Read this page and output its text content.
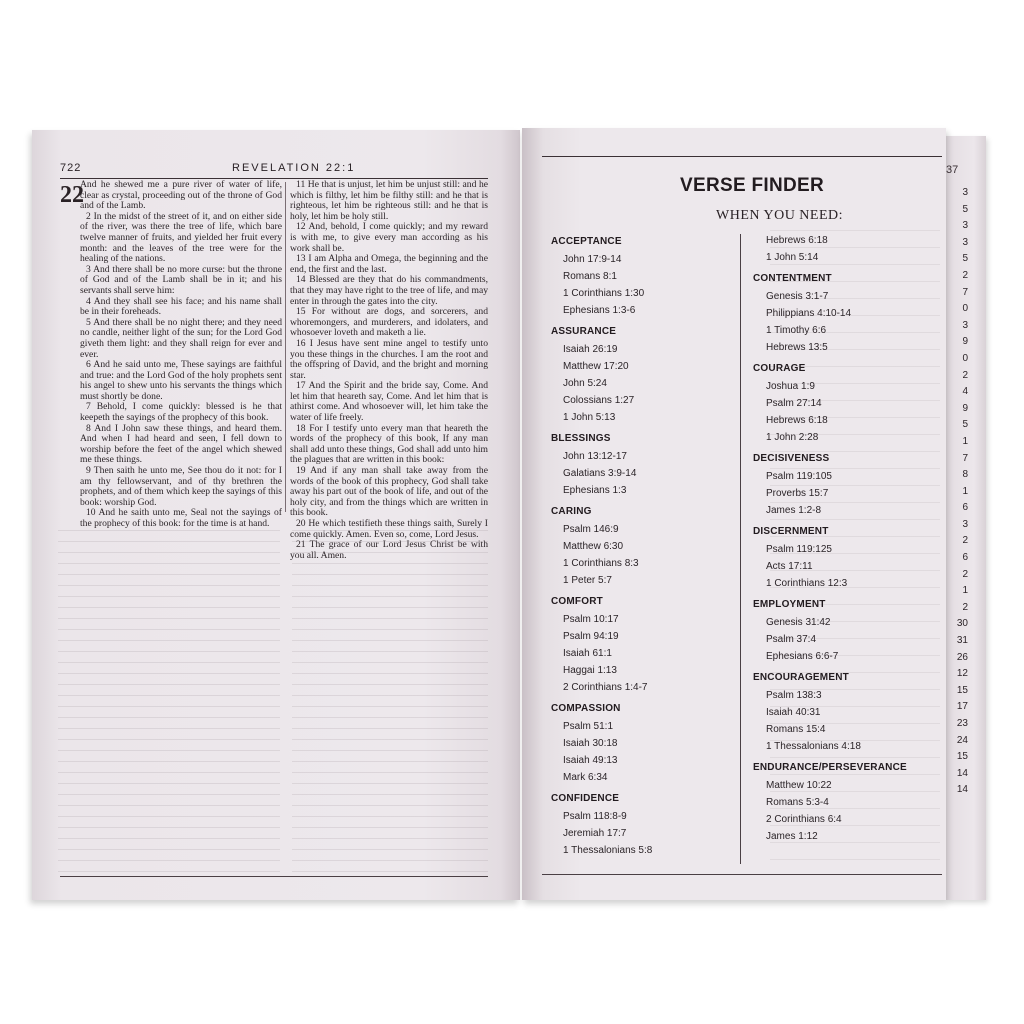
722	REVELATION 22:1
22
And he shewed me a pure river of water of life, clear as crystal, proceeding out of the throne of God and of the Lamb.
2 In the midst of the street of it, and on either side of the river, was there the tree of life, which bare twelve manner of fruits, and yielded her fruit every month: and the leaves of the tree were for the healing of the nations.
3 And there shall be no more curse: but the throne of God and of the Lamb shall be in it; and his servants shall serve him:
4 And they shall see his face; and his name shall be in their foreheads.
5 And there shall be no night there; and they need no candle, neither light of the sun; for the Lord God giveth them light: and they shall reign for ever and ever.
6 And he said unto me, These sayings are faithful and true: and the Lord God of the holy prophets sent his angel to shew unto his servants the things which must shortly be done.
7 Behold, I come quickly: blessed is he that keepeth the sayings of the prophecy of this book.
8 And I John saw these things, and heard them. And when I had heard and seen, I fell down to worship before the feet of the angel which shewed me these things.
9 Then saith he unto me, See thou do it not: for I am thy fellowservant, and of thy brethren the prophets, and of them which keep the sayings of this book: worship God.
10 And he saith unto me, Seal not the sayings of the prophecy of this book: for the time is at hand.
11 He that is unjust, let him be unjust still: and he which is filthy, let him be filthy still: and he that is righteous, let him be righteous still: and he that is holy, let him be holy still.
12 And, behold, I come quickly; and my reward is with me, to give every man according as his work shall be.
13 I am Alpha and Omega, the beginning and the end, the first and the last.
14 Blessed are they that do his commandments, that they may have right to the tree of life, and may enter in through the gates into the city.
15 For without are dogs, and sorcerers, and whoremongers, and murderers, and idolaters, and whosoever loveth and maketh a lie.
16 I Jesus have sent mine angel to testify unto you these things in the churches. I am the root and the offspring of David, and the bright and morning star.
17 And the Spirit and the bride say, Come. And let him that heareth say, Come. And let him that is athirst come. And whosoever will, let him take the water of life freely.
18 For I testify unto every man that heareth the words of the prophecy of this book, If any man shall add unto these things, God shall add unto him the plagues that are written in this book:
19 And if any man shall take away from the words of the book of this prophecy, God shall take away his part out of the book of life, and out of the holy city, and from the things which are written in this book.
20 He which testifieth these things saith, Surely I come quickly. Amen. Even so, come, Lord Jesus.
21 The grace of our Lord Jesus Christ be with you all. Amen.
37
VERSE FINDER
WHEN YOU NEED:
ACCEPTANCE
John 17:9-14
Romans 8:1
1 Corinthians 1:30
Ephesians 1:3-6
ASSURANCE
Isaiah 26:19
Matthew 17:20
John 5:24
Colossians 1:27
1 John 5:13
BLESSINGS
John 13:12-17
Galatians 3:9-14
Ephesians 1:3
CARING
Psalm 146:9
Matthew 6:30
1 Corinthians 8:3
1 Peter 5:7
COMFORT
Psalm 10:17
Psalm 94:19
Isaiah 61:1
Haggai 1:13
2 Corinthians 1:4-7
COMPASSION
Psalm 51:1
Isaiah 30:18
Isaiah 49:13
Mark 6:34
CONFIDENCE
Psalm 118:8-9
Jeremiah 17:7
1 Thessalonians 5:8
Hebrews 6:18
1 John 5:14
CONTENTMENT
Genesis 3:1-7
Philippians 4:10-14
1 Timothy 6:6
Hebrews 13:5
COURAGE
Joshua 1:9
Psalm 27:14
Hebrews 6:18
1 John 2:28
DECISIVENESS
Psalm 119:105
Proverbs 15:7
James 1:2-8
DISCERNMENT
Psalm 119:125
Acts 17:11
1 Corinthians 12:3
EMPLOYMENT
Genesis 31:42
Psalm 37:4
Ephesians 6:6-7
ENCOURAGEMENT
Psalm 138:3
Isaiah 40:31
Romans 15:4
1 Thessalonians 4:18
ENDURANCE/PERSEVERANCE
Matthew 10:22
Romans 5:3-4
2 Corinthians 6:4
James 1:12
3
5
3
3
5
2
7
0
3
9
0
2
4
9
5
1
7
8
1
6
3
2
6
2
1
2
30
31
26
12
15
17
23
24
15
14
14
